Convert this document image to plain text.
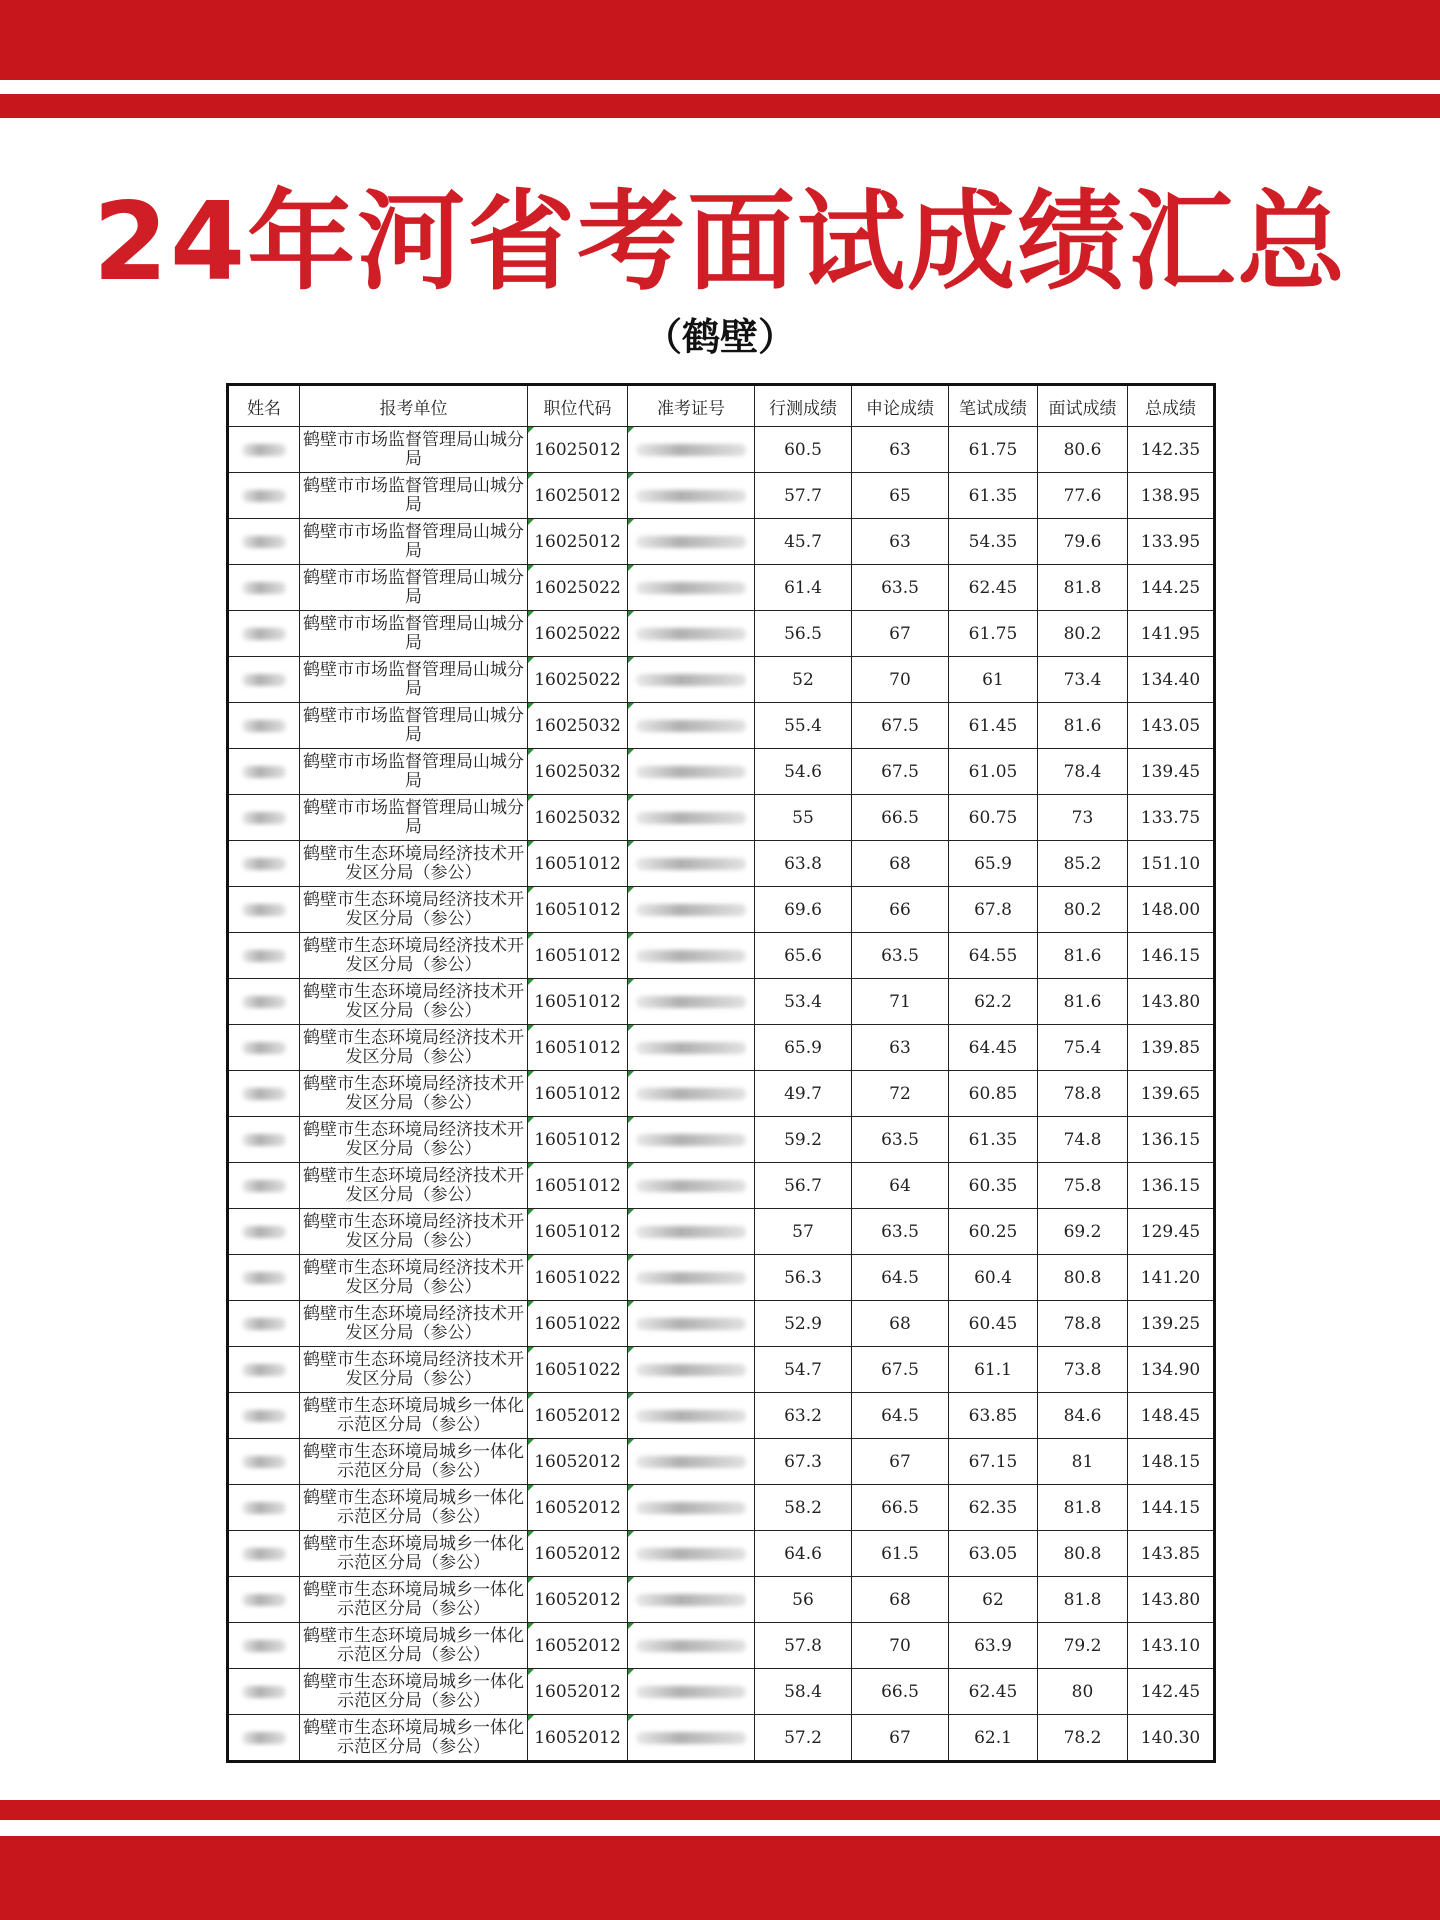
24年河省考面试成绩汇总
（鹤壁）
姓名	报考单位	职位代码	准考证号	行测成绩	申论成绩	笔试成绩	面试成绩	总成绩
	鹤壁市市场监督管理局山城分局	16025012		60.5	63	61.75	80.6	142.35
	鹤壁市市场监督管理局山城分局	16025012		57.7	65	61.35	77.6	138.95
	鹤壁市市场监督管理局山城分局	16025012		45.7	63	54.35	79.6	133.95
	鹤壁市市场监督管理局山城分局	16025022		61.4	63.5	62.45	81.8	144.25
	鹤壁市市场监督管理局山城分局	16025022		56.5	67	61.75	80.2	141.95
	鹤壁市市场监督管理局山城分局	16025022		52	70	61	73.4	134.40
	鹤壁市市场监督管理局山城分局	16025032		55.4	67.5	61.45	81.6	143.05
	鹤壁市市场监督管理局山城分局	16025032		54.6	67.5	61.05	78.4	139.45
	鹤壁市市场监督管理局山城分局	16025032		55	66.5	60.75	73	133.75
	鹤壁市生态环境局经济技术开发区分局（参公）	16051012		63.8	68	65.9	85.2	151.10
	鹤壁市生态环境局经济技术开发区分局（参公）	16051012		69.6	66	67.8	80.2	148.00
	鹤壁市生态环境局经济技术开发区分局（参公）	16051012		65.6	63.5	64.55	81.6	146.15
	鹤壁市生态环境局经济技术开发区分局（参公）	16051012		53.4	71	62.2	81.6	143.80
	鹤壁市生态环境局经济技术开发区分局（参公）	16051012		65.9	63	64.45	75.4	139.85
	鹤壁市生态环境局经济技术开发区分局（参公）	16051012		49.7	72	60.85	78.8	139.65
	鹤壁市生态环境局经济技术开发区分局（参公）	16051012		59.2	63.5	61.35	74.8	136.15
	鹤壁市生态环境局经济技术开发区分局（参公）	16051012		56.7	64	60.35	75.8	136.15
	鹤壁市生态环境局经济技术开发区分局（参公）	16051012		57	63.5	60.25	69.2	129.45
	鹤壁市生态环境局经济技术开发区分局（参公）	16051022		56.3	64.5	60.4	80.8	141.20
	鹤壁市生态环境局经济技术开发区分局（参公）	16051022		52.9	68	60.45	78.8	139.25
	鹤壁市生态环境局经济技术开发区分局（参公）	16051022		54.7	67.5	61.1	73.8	134.90
	鹤壁市生态环境局城乡一体化示范区分局（参公）	16052012		63.2	64.5	63.85	84.6	148.45
	鹤壁市生态环境局城乡一体化示范区分局（参公）	16052012		67.3	67	67.15	81	148.15
	鹤壁市生态环境局城乡一体化示范区分局（参公）	16052012		58.2	66.5	62.35	81.8	144.15
	鹤壁市生态环境局城乡一体化示范区分局（参公）	16052012		64.6	61.5	63.05	80.8	143.85
	鹤壁市生态环境局城乡一体化示范区分局（参公）	16052012		56	68	62	81.8	143.80
	鹤壁市生态环境局城乡一体化示范区分局（参公）	16052012		57.8	70	63.9	79.2	143.10
	鹤壁市生态环境局城乡一体化示范区分局（参公）	16052012		58.4	66.5	62.45	80	142.45
	鹤壁市生态环境局城乡一体化示范区分局（参公）	16052012		57.2	67	62.1	78.2	140.30
